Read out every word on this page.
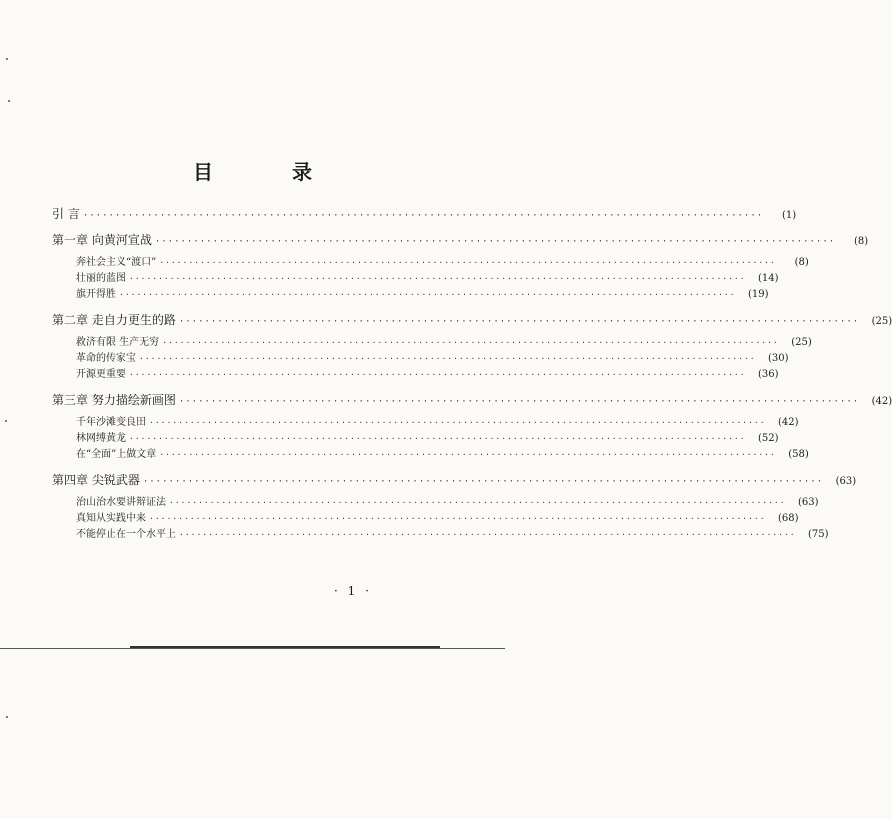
目 录
引 言 ··········································································································	(1)
第一章 向黄河宣战 ··········································································································	(8)
奔社会主义“渡口” ··········································································································	(8)
壮丽的蓝图 ··········································································································	(14)
旗开得胜 ··········································································································	(19)
第二章 走自力更生的路 ··········································································································	(25)
救济有限 生产无穷 ··········································································································	(25)
革命的传家宝 ··········································································································	(30)
开源更重要 ··········································································································	(36)
第三章 努力描绘新画图 ··········································································································	(42)
千年沙滩变良田 ··········································································································	(42)
林网缚黄龙 ··········································································································	(52)
在“全面”上做文章 ··········································································································	(58)
第四章 尖锐武器 ··········································································································	(63)
治山治水要讲辩证法 ··········································································································	(63)
真知从实践中来 ··········································································································	(68)
不能停止在一个水平上 ··········································································································	(75)
· 1 ·
